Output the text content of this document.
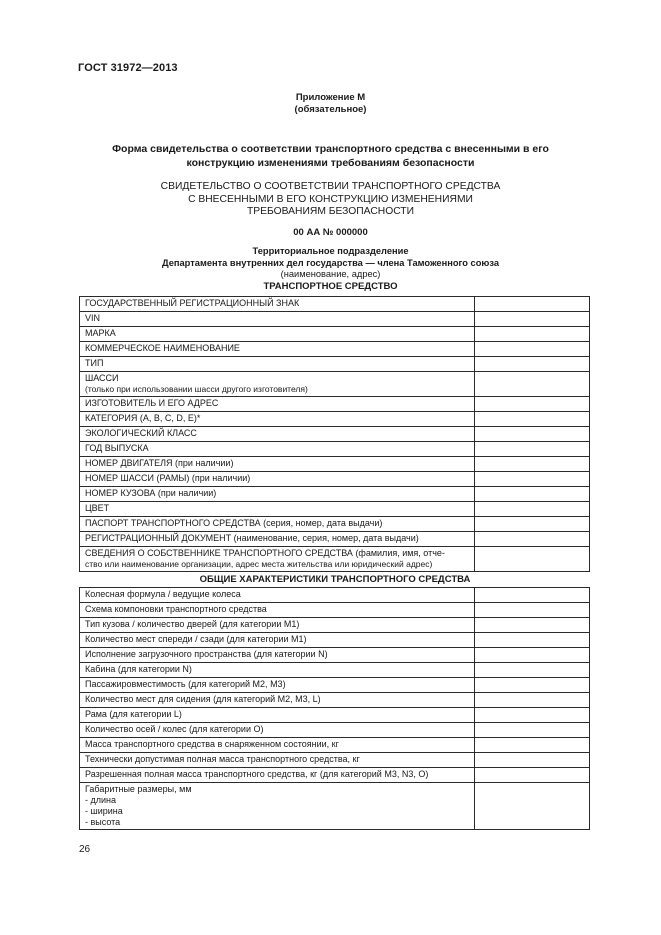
ГОСТ 31972—2013
Приложение М
(обязательное)
Форма свидетельства о соответствии транспортного средства с внесенными в его
конструкцию изменениями требованиям безопасности
СВИДЕТЕЛЬСТВО О СООТВЕТСТВИИ ТРАНСПОРТНОГО СРЕДСТВА
С ВНЕСЕННЫМИ В ЕГО КОНСТРУКЦИЮ ИЗМЕНЕНИЯМИ
ТРЕБОВАНИЯМ БЕЗОПАСНОСТИ
00 АА № 000000
Территориальное подразделение
Департамента внутренних дел государства — члена Таможенного союза
(наименование, адрес)
ТРАНСПОРТНОЕ СРЕДСТВО
ГОСУДАРСТВЕННЫЙ РЕГИСТРАЦИОННЫЙ ЗНАК	

VIN	

МАРКА	

КОММЕРЧЕСКОЕ НАИМЕНОВАНИЕ	

ТИП	

ШАССИ
(только при использовании шасси другого изготовителя)	

ИЗГОТОВИТЕЛЬ И ЕГО АДРЕС	

КАТЕГОРИЯ (А, В, С, D, E)*	

ЭКОЛОГИЧЕСКИЙ КЛАСС	

ГОД ВЫПУСКА	

НОМЕР ДВИГАТЕЛЯ (при наличии)	

НОМЕР ШАССИ (РАМЫ) (при наличии)	

НОМЕР КУЗОВА (при наличии)	

ЦВЕТ	

ПАСПОРТ ТРАНСПОРТНОГО СРЕДСТВА (серия, номер, дата выдачи)	

РЕГИСТРАЦИОННЫЙ ДОКУМЕНТ (наименование, серия, номер, дата выдачи)	

СВЕДЕНИЯ О СОБСТВЕННИКЕ ТРАНСПОРТНОГО СРЕДСТВА (фамилия, имя, отче-
ство или наименование организации, адрес места жительства или юридический адрес)	

ОБЩИЕ ХАРАКТЕРИСТИКИ ТРАНСПОРТНОГО СРЕДСТВА	

Колесная формула / ведущие колеса	

Схема компоновки транспортного средства	

Тип кузова / количество дверей (для категории М1)	

Количество мест спереди / сзади (для категории М1)	

Исполнение загрузочного пространства (для категории N)	

Кабина (для категории N)	

Пассажировместимость (для категорий М2, М3)	

Количество мест для сидения (для категорий М2, М3, L)	

Рама (для категории L)	

Количество осей / колес (для категории О)	

Масса транспортного средства в снаряженном состоянии, кг	

Технически допустимая полная масса транспортного средства, кг	

Разрешенная полная масса транспортного средства, кг (для категорий М3, N3, O)	

Габаритные размеры, мм
- длина
- ширина
- высота	

26
